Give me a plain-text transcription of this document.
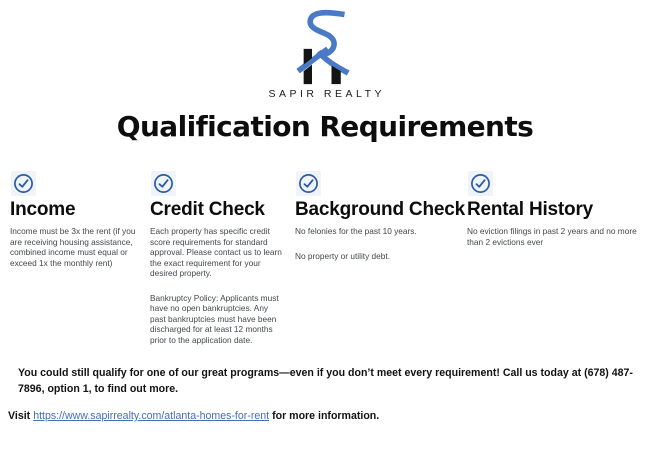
SAPIR REALTY
Qualification Requirements
Income

Income must be 3x the rent (if you are receiving housing assistance, combined income must equal or exceed 1x the monthly rent)

Credit Check

Each property has specific credit score requirements for standard approval. Please contact us to learn the exact requirement for your desired property.

Bankruptcy Policy: Applicants must have no open bankruptcies. Any past bankruptcies must have been discharged for at least 12 months prior to the application date.

Background Check

No felonies for the past 10 years.

No property or utility debt.

Rental History

No eviction filings in past 2 years and no more than 2 evictions ever

You could still qualify for one of our great programs—even if you don’t meet every requirement! Call us today at (678) 487-7896, option 1, to find out more.

Visit https://www.sapirrealty.com/atlanta-homes-for-rent for more information.
